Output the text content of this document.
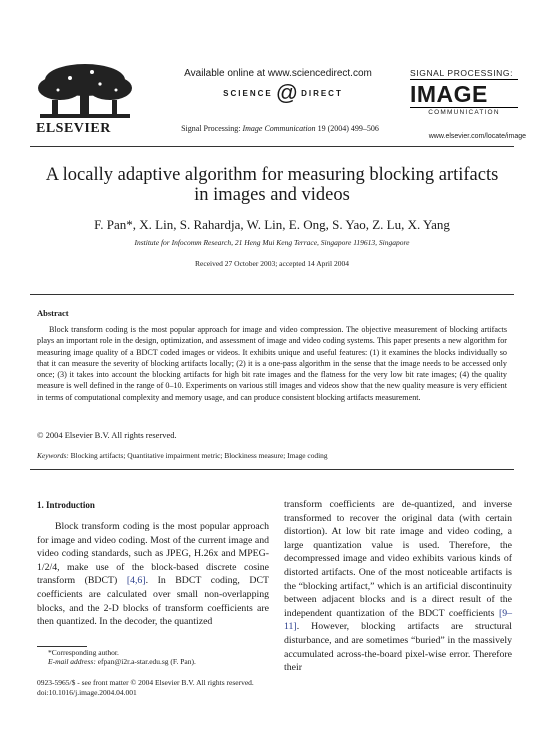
ELSEVIER
Available online at www.sciencedirect.com
SCIENCE @ DIRECT
Signal Processing: Image Communication 19 (2004) 499–506
SIGNAL PROCESSING:
IMAGE
COMMUNICATION
www.elsevier.com/locate/image
A locally adaptive algorithm for measuring blocking artifacts
in images and videos
F. Pan*, X. Lin, S. Rahardja, W. Lin, E. Ong, S. Yao, Z. Lu, X. Yang
Institute for Infocomm Research, 21 Heng Mui Keng Terrace, Singapore 119613, Singapore
Received 27 October 2003; accepted 14 April 2004
Abstract
Block transform coding is the most popular approach for image and video compression. The objective measurement of blocking artifacts plays an important role in the design, optimization, and assessment of image and video coding systems. This paper presents a new algorithm for measuring image quality of a BDCT coded images or videos. It exhibits unique and useful features: (1) it examines the blocks individually so that it can measure the severity of blocking artifacts locally; (2) it is a one-pass algorithm in the sense that the image needs to be accessed only once; (3) it takes into account the blocking artifacts for high bit rate images and the flatness for the very low bit rate images; (4) the quality measure is well defined in the range of 0–10. Experiments on various still images and videos show that the new quality measure is very efficient in terms of computational complexity and memory usage, and can produce consistent blocking artifacts measurement.
© 2004 Elsevier B.V. All rights reserved.
Keywords: Blocking artifacts; Quantitative impairment metric; Blockiness measure; Image coding
1. Introduction
Block transform coding is the most popular approach for image and video coding. Most of the current image and video coding standards, such as JPEG, H.26x and MPEG-1/2/4, make use of the block-based discrete cosine transform (BDCT) [4,6]. In BDCT coding, DCT coefficients are calculated over small non-overlapping blocks, and the 2-D blocks of transform coefficients are then quantized. In the decoder, the quantized
transform coefficients are de-quantized, and inverse transformed to recover the original data (with certain distortion). At low bit rate image and video coding, a large quantization value is used. Therefore, the decompressed image and video exhibits various kinds of distorted artifacts. One of the most noticeable artifacts is the “blocking artifact,” which is an artificial discontinuity between adjacent blocks and is a direct result of the independent quantization of the BDCT coefficients [9–11]. However, blocking artifacts are structural disturbance, and are sometimes “buried” in the massively accumulated across-the-board pixel-wise error. Therefore their
*Corresponding author.
E-mail address: efpan@i2r.a-star.edu.sg (F. Pan).
0923-5965/$ - see front matter © 2004 Elsevier B.V. All rights reserved.
doi:10.1016/j.image.2004.04.001
